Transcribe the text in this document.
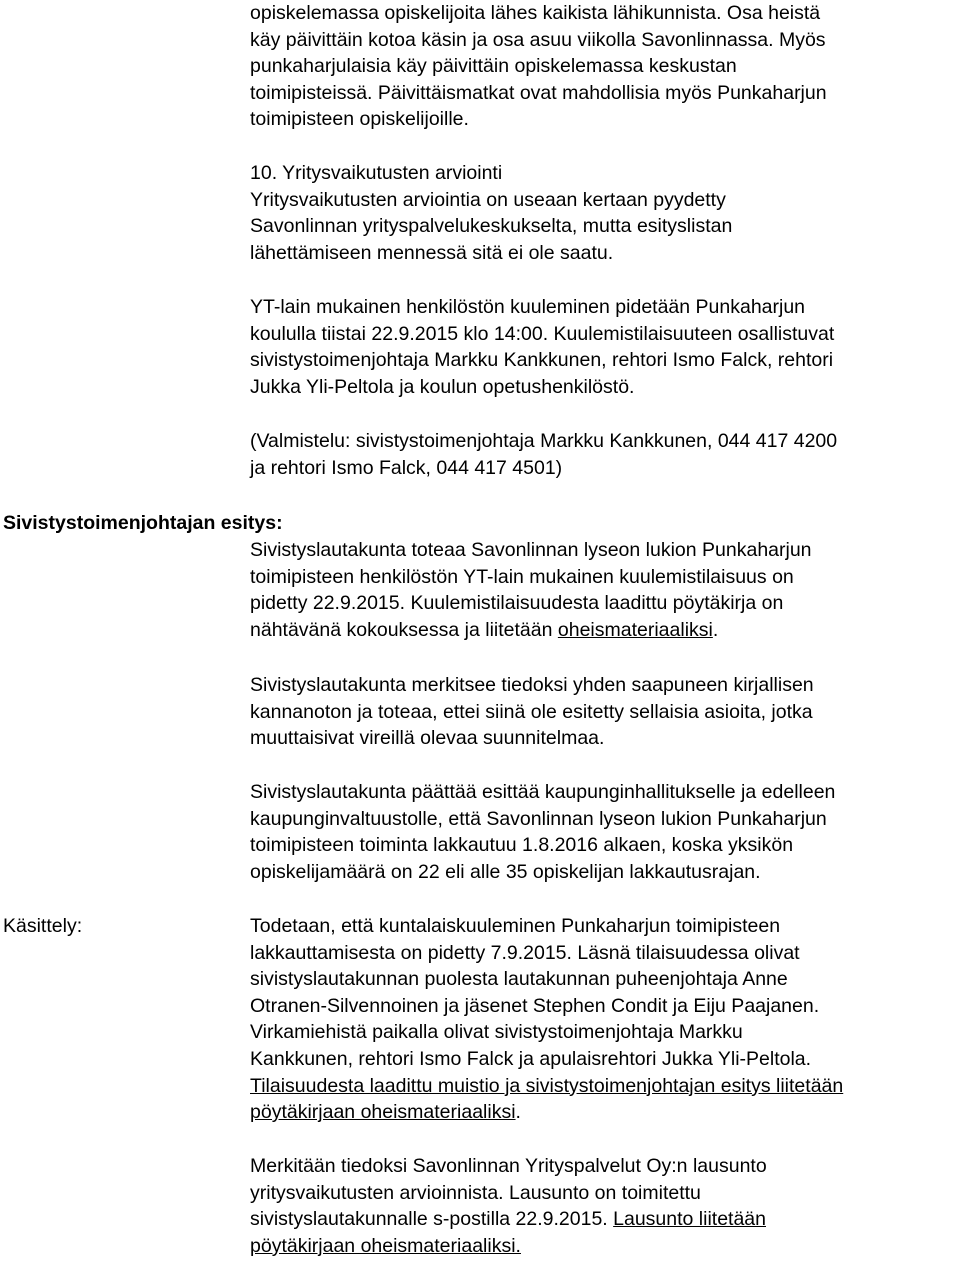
opiskelemassa opiskelijoita lähes kaikista lähikunnista. Osa heistä
käy päivittäin kotoa käsin ja osa asuu viikolla Savonlinnassa. Myös
punkaharjulaisia käy päivittäin opiskelemassa keskustan
toimipisteissä. Päivittäismatkat ovat mahdollisia myös Punkaharjun
toimipisteen opiskelijoille.
10. Yritysvaikutusten arviointi
Yritysvaikutusten arviointia on useaan kertaan pyydetty
Savonlinnan yrityspalvelukeskukselta, mutta esityslistan
lähettämiseen mennessä sitä ei ole saatu.
YT-lain mukainen henkilöstön kuuleminen pidetään Punkaharjun
koululla tiistai 22.9.2015 klo 14:00. Kuulemistilaisuuteen osallistuvat
sivistystoimenjohtaja Markku Kankkunen, rehtori Ismo Falck, rehtori
Jukka Yli-Peltola ja koulun opetushenkilöstö.
(Valmistelu: sivistystoimenjohtaja Markku Kankkunen, 044 417 4200
ja rehtori Ismo Falck, 044 417 4501)
Sivistystoimenjohtajan esitys:
Sivistyslautakunta toteaa Savonlinnan lyseon lukion Punkaharjun
toimipisteen henkilöstön YT-lain mukainen kuulemistilaisuus on
pidetty 22.9.2015. Kuulemistilaisuudesta laadittu pöytäkirja on
nähtävänä kokouksessa ja liitetään oheismateriaaliksi.
Sivistyslautakunta merkitsee tiedoksi yhden saapuneen kirjallisen
kannanoton ja toteaa, ettei siinä ole esitetty sellaisia asioita, jotka
muuttaisivat vireillä olevaa suunnitelmaa.
Sivistyslautakunta päättää esittää kaupunginhallitukselle ja edelleen
kaupunginvaltuustolle, että Savonlinnan lyseon lukion Punkaharjun
toimipisteen toiminta lakkautuu 1.8.2016 alkaen, koska yksikön
opiskelijamäärä on 22 eli alle 35 opiskelijan lakkautusrajan.
Käsittely:	Todetaan, että kuntalaiskuuleminen Punkaharjun toimipisteen
lakkauttamisesta on pidetty 7.9.2015. Läsnä tilaisuudessa olivat
sivistyslautakunnan puolesta lautakunnan puheenjohtaja Anne
Otranen-Silvennoinen ja jäsenet Stephen Condit ja Eiju Paajanen.
Virkamiehistä paikalla olivat sivistystoimenjohtaja Markku
Kankkunen, rehtori Ismo Falck ja apulaisrehtori Jukka Yli-Peltola.
Tilaisuudesta laadittu muistio ja sivistystoimenjohtajan esitys liitetään
pöytäkirjaan oheismateriaaliksi.
Merkitään tiedoksi Savonlinnan Yrityspalvelut Oy:n lausunto
yritysvaikutusten arvioinnista. Lausunto on toimitettu
sivistyslautakunnalle s-postilla 22.9.2015. Lausunto liitetään
pöytäkirjaan oheismateriaaliksi.
